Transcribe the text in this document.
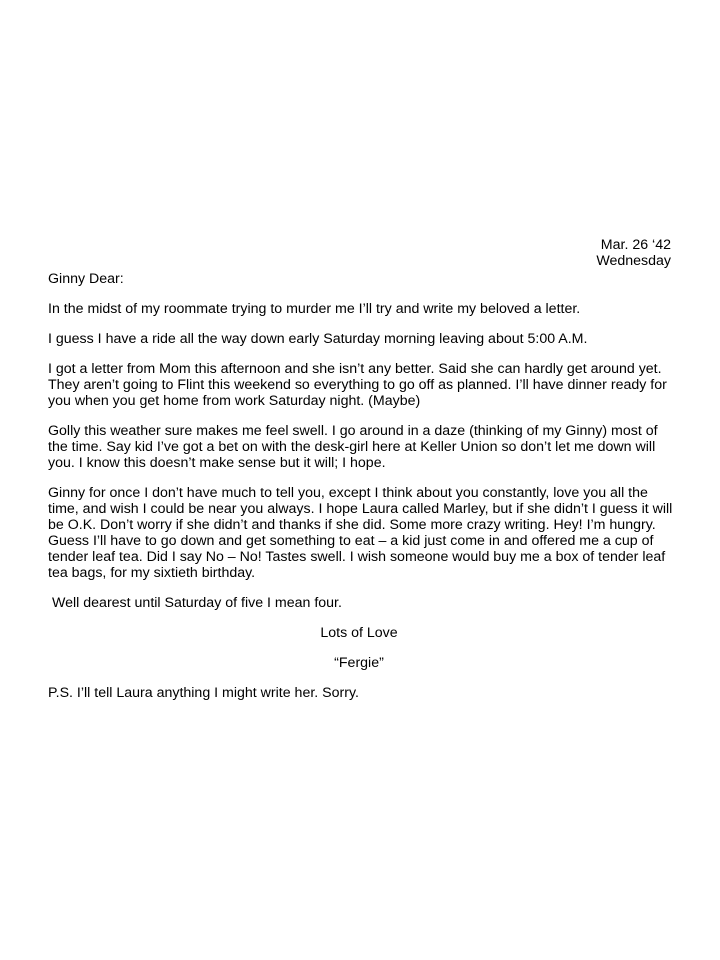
Mar. 26 ‘42
Wednesday

Ginny Dear:

In the midst of my roommate trying to murder me I’ll try and write my beloved a letter.

I guess I have a ride all the way down early Saturday morning leaving about 5:00 A.M.

I got a letter from Mom this afternoon and she isn’t any better. Said she can hardly get around yet. They aren’t going to Flint this weekend so everything to go off as planned. I’ll have dinner ready for you when you get home from work Saturday night. (Maybe)

Golly this weather sure makes me feel swell. I go around in a daze (thinking of my Ginny) most of the time. Say kid I’ve got a bet on with the desk-girl here at Keller Union so don’t let me down will you. I know this doesn’t make sense but it will; I hope.

Ginny for once I don’t have much to tell you, except I think about you constantly, love you all the time, and wish I could be near you always. I hope Laura called Marley, but if she didn’t I guess it will be O.K. Don’t worry if she didn’t and thanks if she did. Some more crazy writing. Hey! I’m hungry. Guess I’ll have to go down and get something to eat – a kid just come in and offered me a cup of tender leaf tea. Did I say No – No! Tastes swell. I wish someone would buy me a box of tender leaf tea bags, for my sixtieth birthday.

Well dearest until Saturday of five I mean four.

Lots of Love

“Fergie”

P.S. I’ll tell Laura anything I might write her. Sorry.
